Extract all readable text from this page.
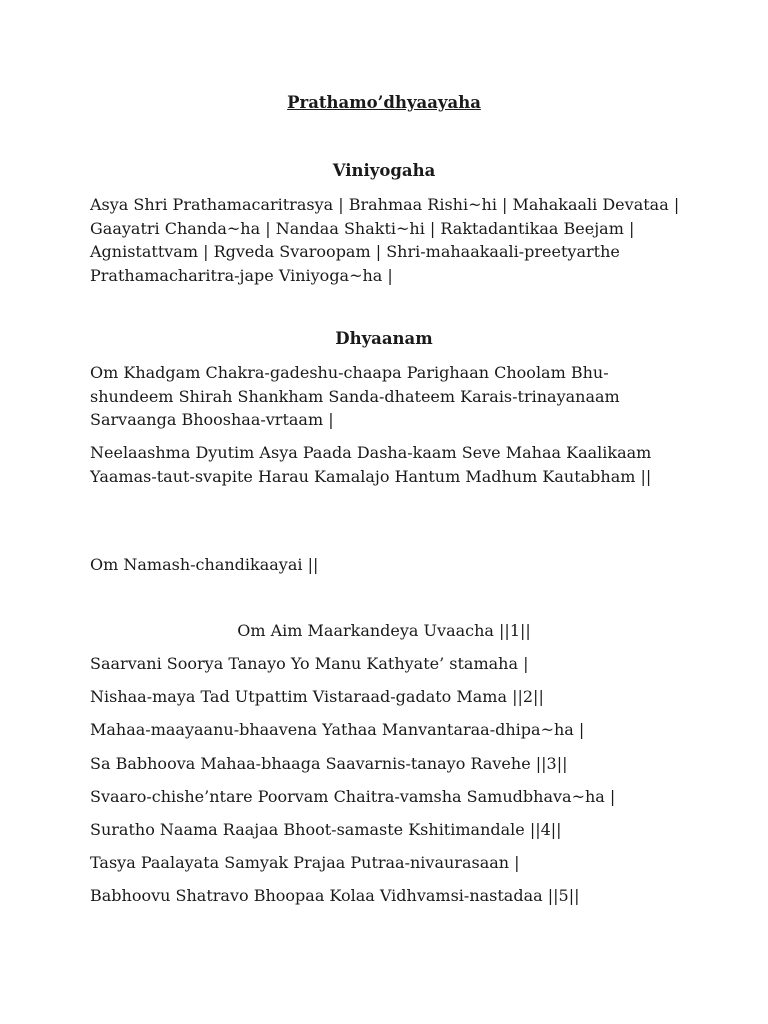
Prathamo’dhyaayaha
Viniyogaha

Asya Shri Prathamacaritrasya | Brahmaa Rishi~hi | Mahakaali Devataa | Gaayatri Chanda~ha | Nandaa Shakti~hi | Raktadantikaa Beejam | Agnistattvam | Rgveda Svaroopam | Shri-mahaakaali-preetyarthe Prathamacharitra-jape Viniyoga~ha |

Dhyaanam

Om Khadgam Chakra-gadeshu-chaapa Parighaan Choolam Bhu-shundeem Shirah Shankham Sanda-dhateem Karais-trinayanaam Sarvaanga Bhooshaa-vrtaam |

Neelaashma Dyutim Asya Paada Dasha-kaam Seve Mahaa Kaalikaam Yaamas-taut-svapite Harau Kamalajo Hantum Madhum Kautabham ||

Om Namash-chandikaayai ||
Om Aim Maarkandeya Uvaacha ||1||
Saarvani Soorya Tanayo Yo Manu Kathyate’ stamaha |
Nishaa-maya Tad Utpattim Vistaraad-gadato Mama ||2||
Mahaa-maayaanu-bhaavena Yathaa Manvantaraa-dhipa~ha |
Sa Babhoova Mahaa-bhaaga Saavarnis-tanayo Ravehe ||3||
Svaaro-chishe’ntare Poorvam Chaitra-vamsha Samudbhava~ha |
Suratho Naama Raajaa Bhoot-samaste Kshitimandale ||4||
Tasya Paalayata Samyak Prajaa Putraa-nivaurasaan |
Babhoovu Shatravo Bhoopaa Kolaa Vidhvamsi-nastadaa ||5||
